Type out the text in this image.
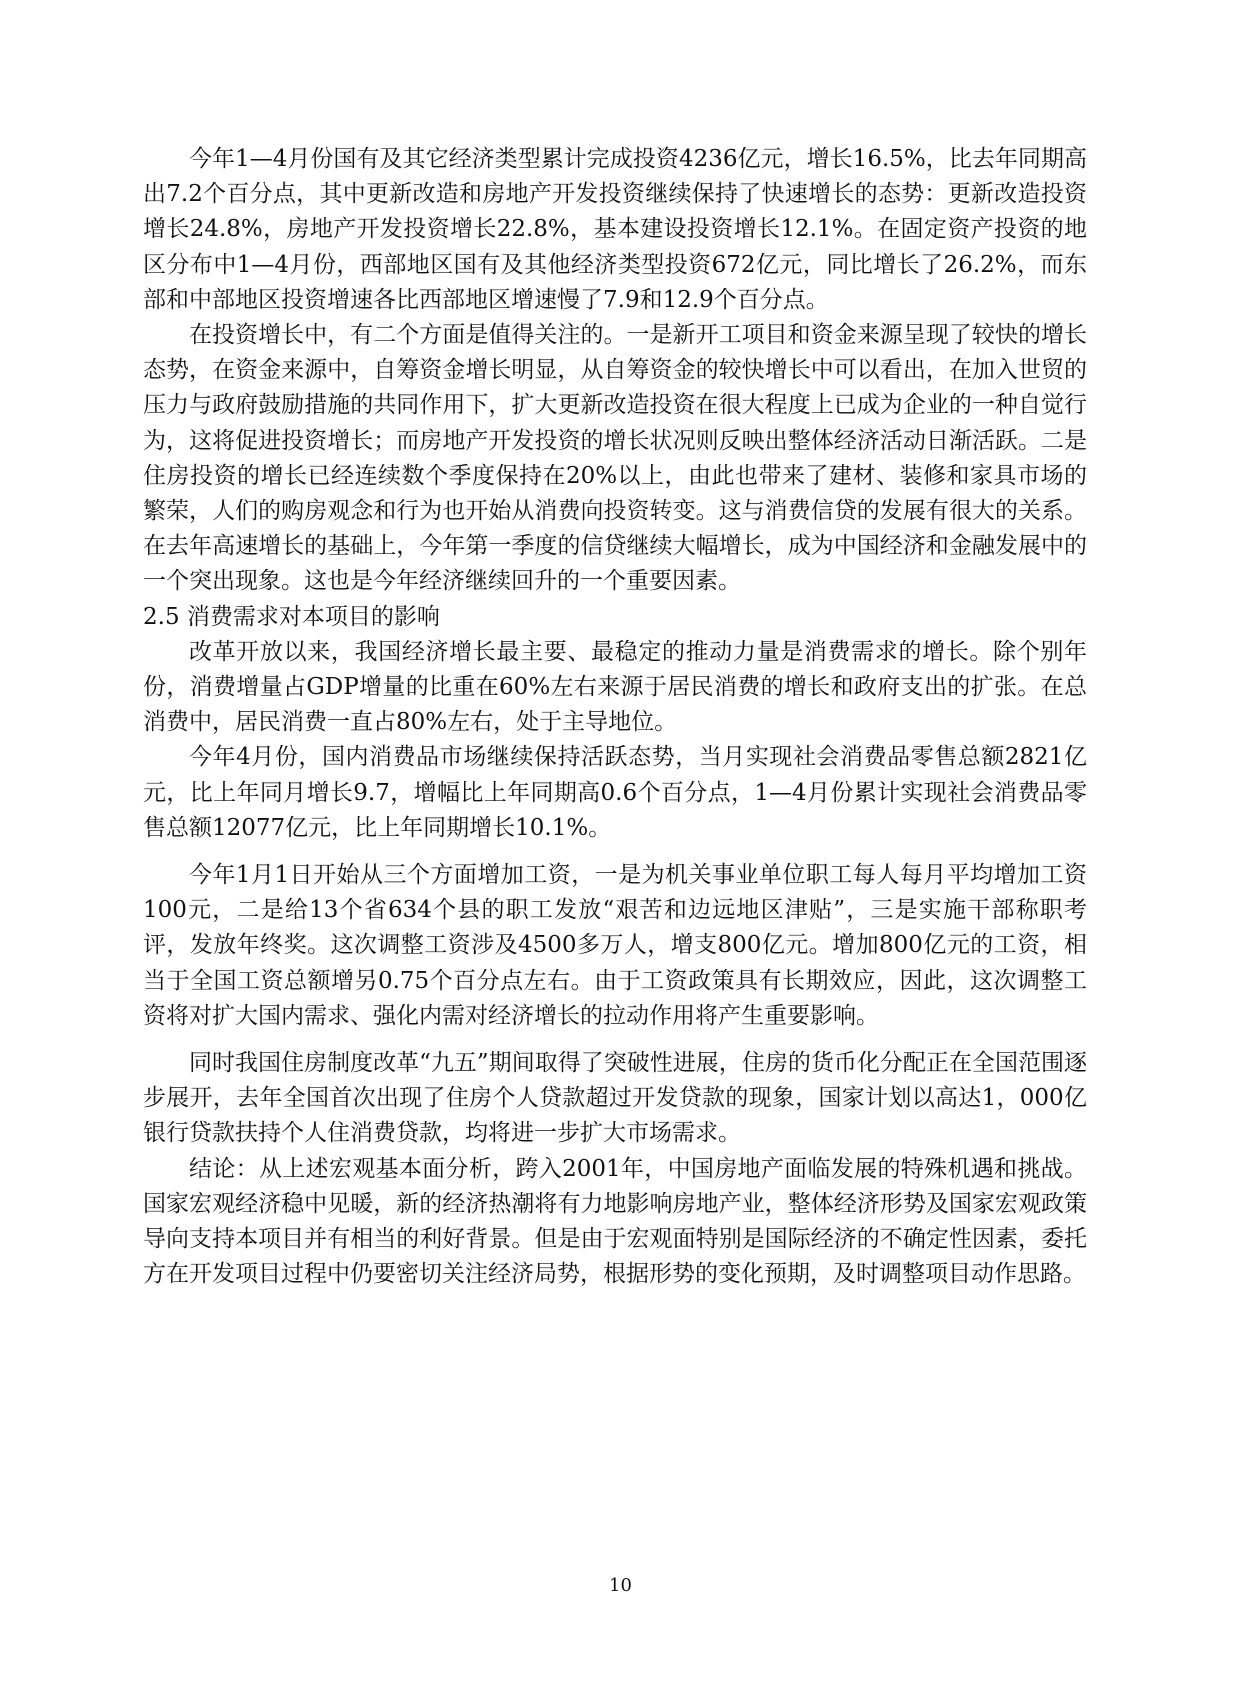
今年1—4月份国有及其它经济类型累计完成投资4236亿元，增长16.5%，比去年同期高出7.2个百分点，其中更新改造和房地产开发投资继续保持了快速增长的态势：更新改造投资增长24.8%，房地产开发投资增长22.8%，基本建设投资增长12.1%。在固定资产投资的地区分布中1—4月份，西部地区国有及其他经济类型投资672亿元，同比增长了26.2%，而东部和中部地区投资增速各比西部地区增速慢了7.9和12.9个百分点。

在投资增长中，有二个方面是值得关注的。一是新开工项目和资金来源呈现了较快的增长态势，在资金来源中，自筹资金增长明显，从自筹资金的较快增长中可以看出，在加入世贸的压力与政府鼓励措施的共同作用下，扩大更新改造投资在很大程度上已成为企业的一种自觉行为，这将促进投资增长；而房地产开发投资的增长状况则反映出整体经济活动日渐活跃。二是住房投资的增长已经连续数个季度保持在20%以上，由此也带来了建材、装修和家具市场的繁荣，人们的购房观念和行为也开始从消费向投资转变。这与消费信贷的发展有很大的关系。在去年高速增长的基础上，今年第一季度的信贷继续大幅增长，成为中国经济和金融发展中的一个突出现象。这也是今年经济继续回升的一个重要因素。

2.5 消费需求对本项目的影响

改革开放以来，我国经济增长最主要、最稳定的推动力量是消费需求的增长。除个别年份，消费增量占GDP增量的比重在60%左右来源于居民消费的增长和政府支出的扩张。在总消费中，居民消费一直占80%左右，处于主导地位。

今年4月份，国内消费品市场继续保持活跃态势，当月实现社会消费品零售总额2821亿元，比上年同月增长9.7，增幅比上年同期高0.6个百分点，1—4月份累计实现社会消费品零售总额12077亿元，比上年同期增长10.1%。

今年1月1日开始从三个方面增加工资，一是为机关事业单位职工每人每月平均增加工资100元，二是给13个省634个县的职工发放“艰苦和边远地区津贴”，三是实施干部称职考评，发放年终奖。这次调整工资涉及4500多万人，增支800亿元。增加800亿元的工资，相当于全国工资总额增另0.75个百分点左右。由于工资政策具有长期效应，因此，这次调整工资将对扩大国内需求、强化内需对经济增长的拉动作用将产生重要影响。

同时我国住房制度改革“九五”期间取得了突破性进展，住房的货币化分配正在全国范围逐步展开，去年全国首次出现了住房个人贷款超过开发贷款的现象，国家计划以高达1，000亿银行贷款扶持个人住消费贷款，均将进一步扩大市场需求。

结论：从上述宏观基本面分析，跨入2001年，中国房地产面临发展的特殊机遇和挑战。国家宏观经济稳中见暖，新的经济热潮将有力地影响房地产业，整体经济形势及国家宏观政策导向支持本项目并有相当的利好背景。但是由于宏观面特别是国际经济的不确定性因素，委托方在开发项目过程中仍要密切关注经济局势，根据形势的变化预期，及时调整项目动作思路。

10
